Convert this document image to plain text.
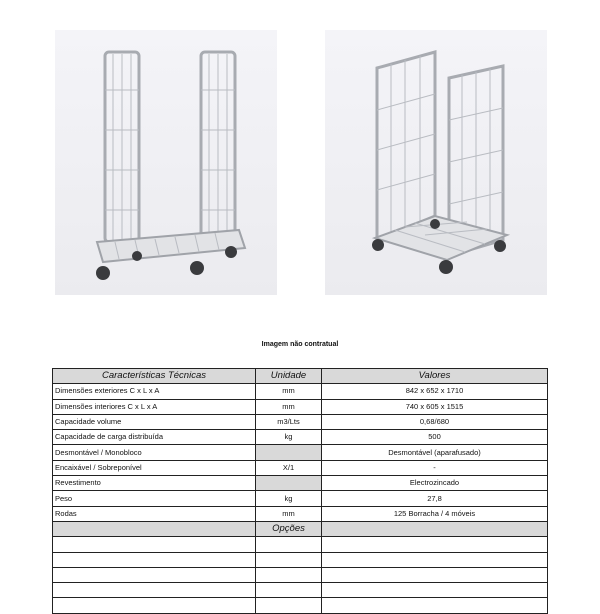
Imagem não contratual
Características Técnicas	Unidade	Valores
Dimensões exteriores C x L x A	mm	842 x 652 x 1710
Dimensões interiores C x L x A	mm	740 x 605 x 1515
Capacidade volume	m3/Lts	0,68/680
Capacidade de carga distribuída	kg	500
Desmontável / Monobloco		Desmontável (aparafusado)
Encaixável / Sobreponível	X/1	-
Revestimento		Electrozincado
Peso	kg	27,8
Rodas	mm	125 Borracha / 4 móveis
	Opções	
